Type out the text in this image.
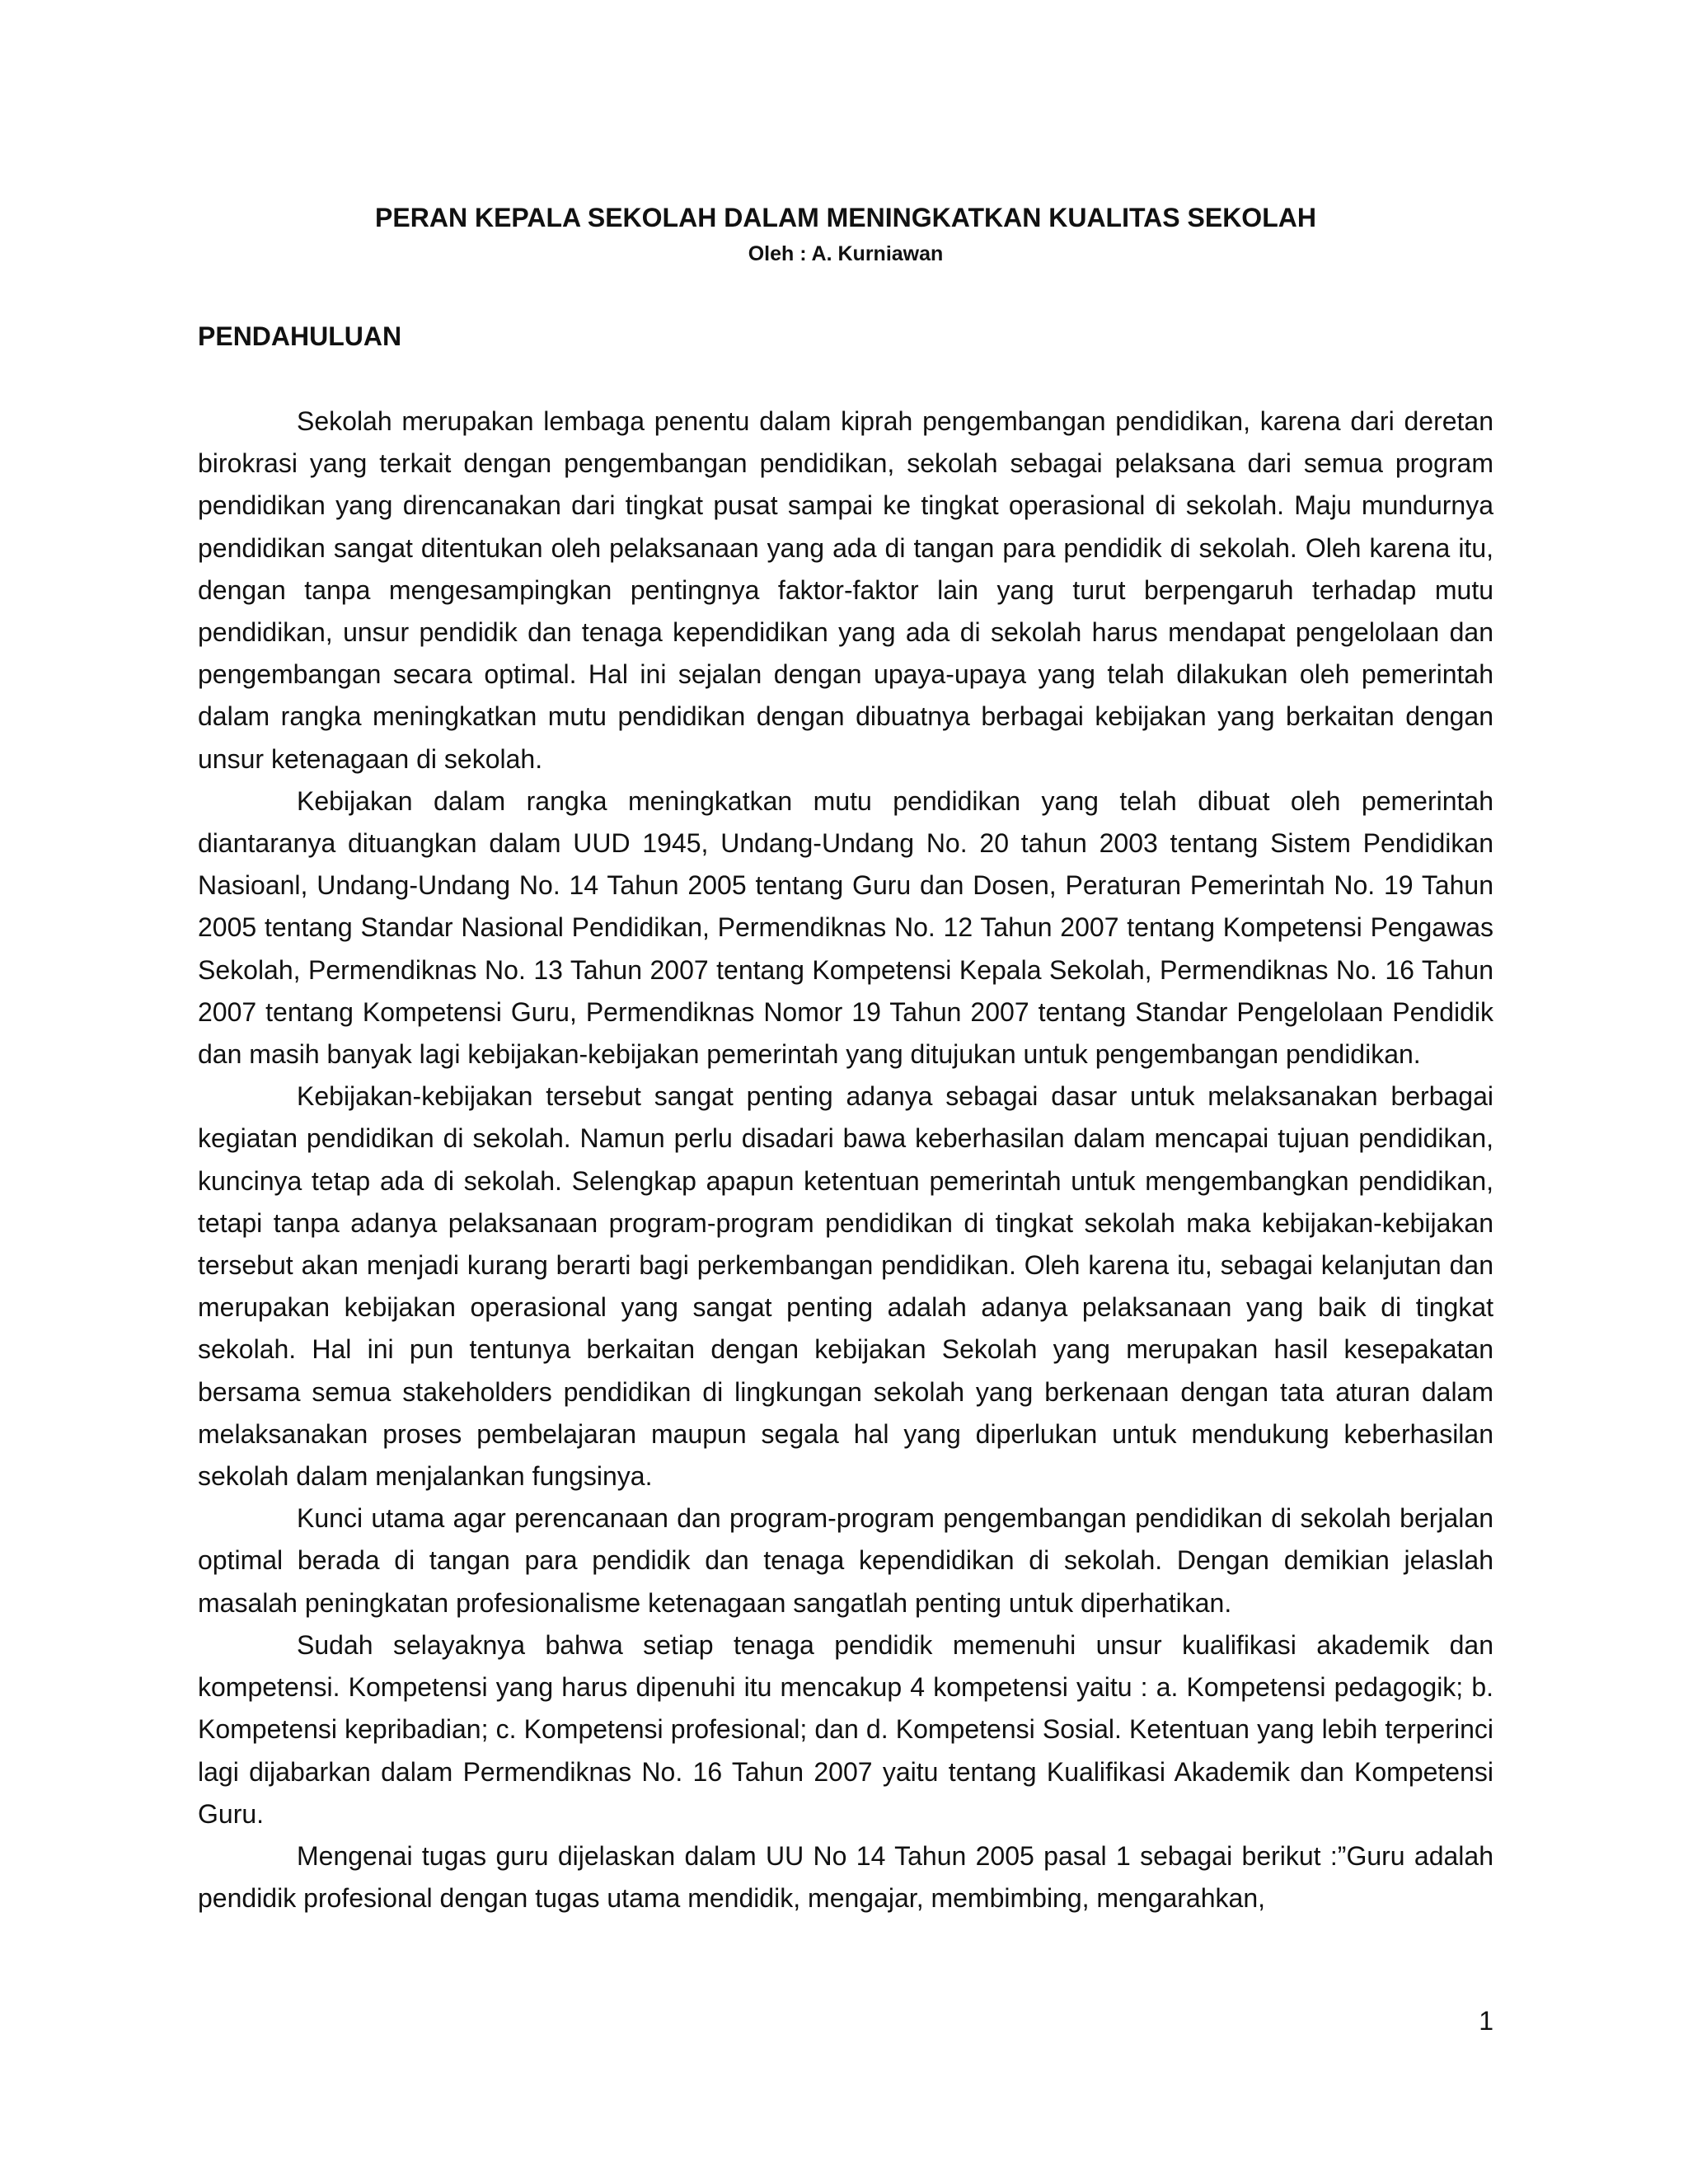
PERAN KEPALA SEKOLAH DALAM MENINGKATKAN KUALITAS SEKOLAH
Oleh : A. Kurniawan
PENDAHULUAN

Sekolah merupakan lembaga penentu dalam kiprah pengembangan pendidikan, karena dari deretan birokrasi yang terkait dengan pengembangan pendidikan, sekolah sebagai pelaksana dari semua program pendidikan yang direncanakan dari tingkat pusat sampai ke tingkat operasional di sekolah. Maju mundurnya pendidikan sangat ditentukan oleh pelaksanaan yang ada di tangan para pendidik di sekolah. Oleh karena itu, dengan tanpa mengesampingkan pentingnya faktor-faktor lain yang turut berpengaruh terhadap mutu pendidikan, unsur pendidik dan tenaga kependidikan yang ada di sekolah harus mendapat pengelolaan dan pengembangan secara optimal. Hal ini sejalan dengan upaya-upaya yang telah dilakukan oleh pemerintah dalam rangka meningkatkan mutu pendidikan dengan dibuatnya berbagai kebijakan yang berkaitan dengan unsur ketenagaan di sekolah.

Kebijakan dalam rangka meningkatkan mutu pendidikan yang telah dibuat oleh pemerintah diantaranya dituangkan dalam UUD 1945, Undang-Undang No. 20 tahun 2003 tentang Sistem Pendidikan Nasioanl, Undang-Undang No. 14 Tahun 2005 tentang Guru dan Dosen, Peraturan Pemerintah No. 19 Tahun 2005 tentang Standar Nasional Pendidikan, Permendiknas No. 12 Tahun 2007 tentang Kompetensi Pengawas Sekolah, Permendiknas No. 13 Tahun 2007 tentang Kompetensi Kepala Sekolah, Permendiknas No. 16 Tahun 2007 tentang Kompetensi Guru, Permendiknas Nomor 19 Tahun 2007 tentang Standar Pengelolaan Pendidik dan masih banyak lagi kebijakan-kebijakan pemerintah yang ditujukan untuk pengembangan pendidikan.

Kebijakan-kebijakan tersebut sangat penting adanya sebagai dasar untuk melaksanakan berbagai kegiatan pendidikan di sekolah. Namun perlu disadari bawa keberhasilan dalam mencapai tujuan pendidikan, kuncinya tetap ada di sekolah. Selengkap apapun ketentuan pemerintah untuk mengembangkan pendidikan, tetapi tanpa adanya pelaksanaan program-program pendidikan di tingkat sekolah maka kebijakan-kebijakan tersebut akan menjadi kurang berarti bagi perkembangan pendidikan. Oleh karena itu, sebagai kelanjutan dan merupakan kebijakan operasional yang sangat penting adalah adanya pelaksanaan yang baik di tingkat sekolah. Hal ini pun tentunya berkaitan dengan kebijakan Sekolah yang merupakan hasil kesepakatan bersama semua stakeholders pendidikan di lingkungan sekolah yang berkenaan dengan tata aturan dalam melaksanakan proses pembelajaran maupun segala hal yang diperlukan untuk mendukung keberhasilan sekolah dalam menjalankan fungsinya.

Kunci utama agar perencanaan dan program-program pengembangan pendidikan di sekolah berjalan optimal berada di tangan para pendidik dan tenaga kependidikan di sekolah. Dengan demikian jelaslah masalah peningkatan profesionalisme ketenagaan sangatlah penting untuk diperhatikan.

Sudah selayaknya bahwa setiap tenaga pendidik memenuhi unsur kualifikasi akademik dan kompetensi. Kompetensi yang harus dipenuhi itu mencakup 4 kompetensi yaitu : a. Kompetensi pedagogik; b. Kompetensi kepribadian; c. Kompetensi profesional; dan d. Kompetensi Sosial. Ketentuan yang lebih terperinci lagi dijabarkan dalam Permendiknas No. 16 Tahun 2007 yaitu tentang Kualifikasi Akademik dan Kompetensi Guru.

Mengenai tugas guru dijelaskan dalam UU No 14 Tahun 2005 pasal 1 sebagai berikut :”Guru adalah pendidik profesional dengan tugas utama mendidik, mengajar, membimbing, mengarahkan,

1
